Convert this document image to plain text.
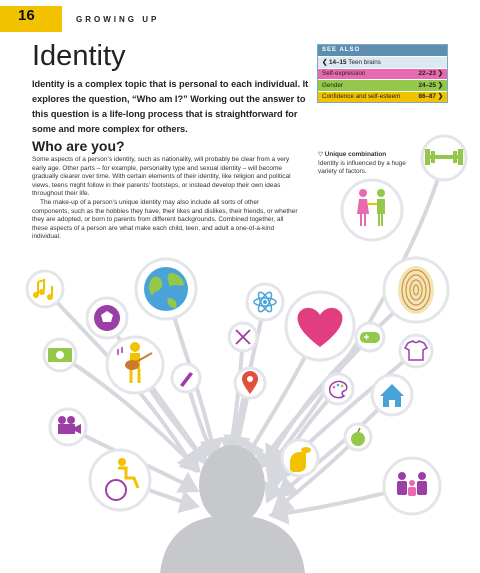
16	GROWING UP
Identity

Identity is a complex topic that is personal to each individual. It explores the question, “Who am I?” Working out the answer to this question is a life-long process that is straightforward for some and more complex for others.

SEE ALSO
❮ 14–15 Teen brains
Self-expression	22–23 ❯
Gender	24–25 ❯
Confidence and self-esteem	86–87 ❯
Who are you?

Some aspects of a person’s identity, such as nationality, will probably be clear from a very early age. Other parts – for example, personality type and sexual identity – will become gradually clearer over time. With certain elements of their identity, like religion and political views, teens might follow in their parents’ footsteps, or instead develop their own ideas throughout their life.

The make-up of a person’s unique identity may also include all sorts of other components, such as the hobbies they have, their likes and dislikes, their friends, or whether they are adopted, or born to parents from different backgrounds. Combined together, all these aspects of a person are what make each child, teen, and adult a one-of-a-kind individual.

▽ Unique combination
Identity is influenced by a huge variety of factors.
